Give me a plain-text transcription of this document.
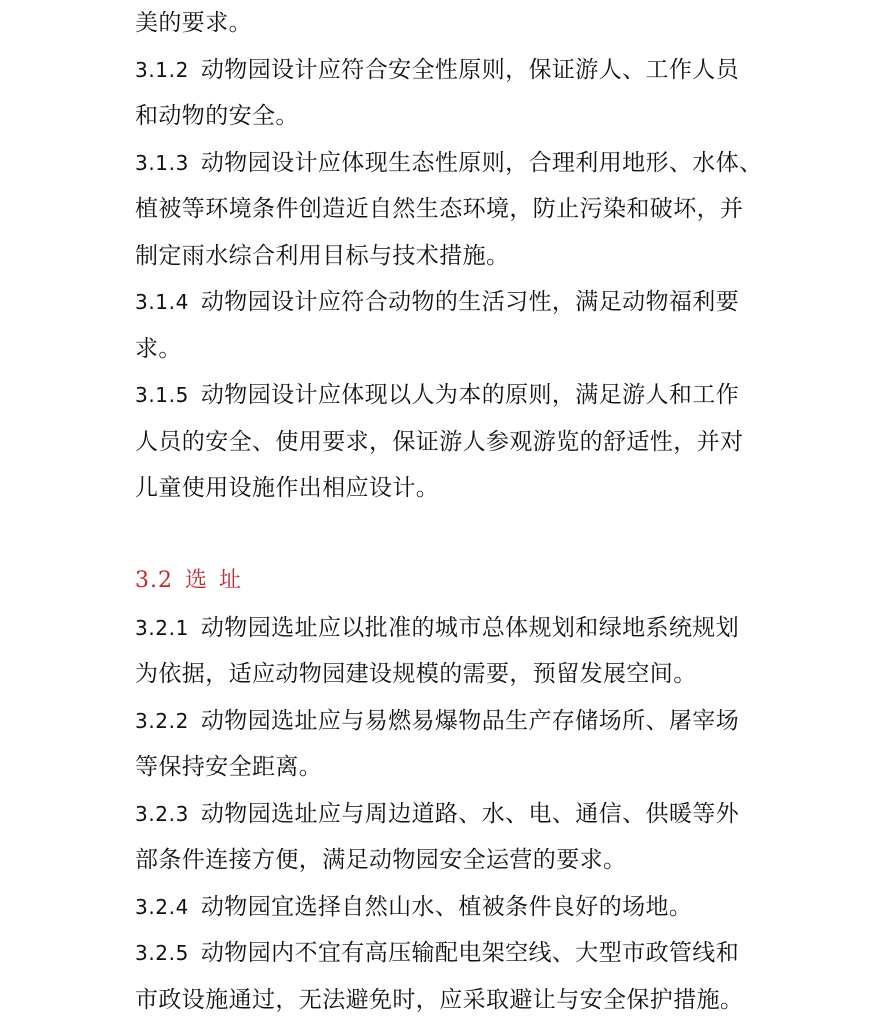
美的要求。
3.1.2 动物园设计应符合安全性原则，保证游人、工作人员
和动物的安全。
3.1.3 动物园设计应体现生态性原则，合理利用地形、水体、
植被等环境条件创造近自然生态环境，防止污染和破坏，并
制定雨水综合利用目标与技术措施。
3.1.4 动物园设计应符合动物的生活习性，满足动物福利要
求。
3.1.5 动物园设计应体现以人为本的原则，满足游人和工作
人员的安全、使用要求，保证游人参观游览的舒适性，并对
儿童使用设施作出相应设计。
3.2 选址
3.2.1 动物园选址应以批准的城市总体规划和绿地系统规划
为依据，适应动物园建设规模的需要，预留发展空间。
3.2.2 动物园选址应与易燃易爆物品生产存储场所、屠宰场
等保持安全距离。
3.2.3 动物园选址应与周边道路、水、电、通信、供暖等外
部条件连接方便，满足动物园安全运营的要求。
3.2.4 动物园宜选择自然山水、植被条件良好的场地。
3.2.5 动物园内不宜有高压输配电架空线、大型市政管线和
市政设施通过，无法避免时，应采取避让与安全保护措施。
